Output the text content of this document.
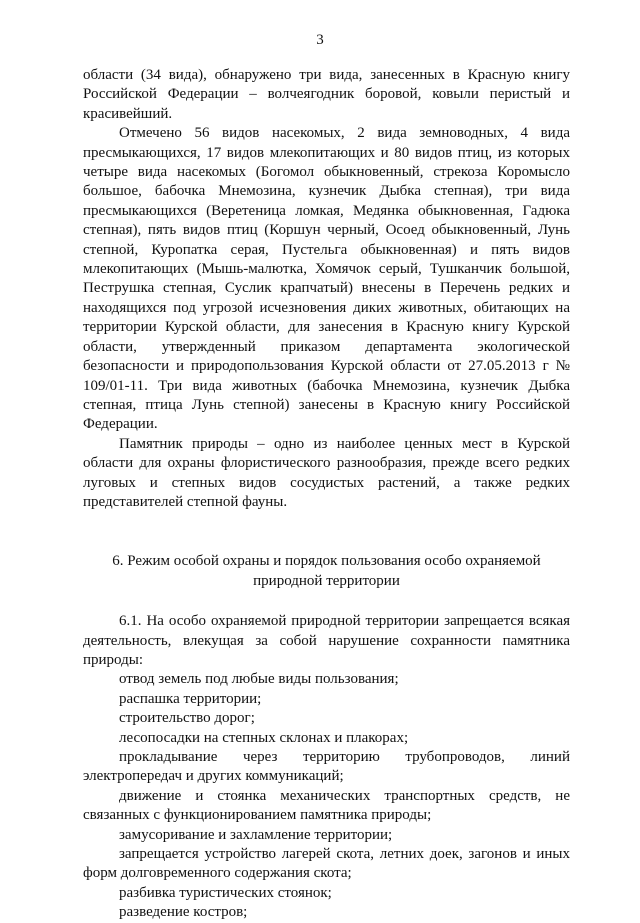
3

области (34 вида), обнаружено три вида, занесенных в Красную книгу Российской Федерации – волчеягодник боровой, ковыли перистый и красивейший.

Отмечено 56 видов насекомых, 2 вида земноводных, 4 вида пресмыкающихся, 17 видов млекопитающих и 80 видов птиц, из которых четыре вида насекомых (Богомол обыкновенный, стрекоза Коромысло большое, бабочка Мнемозина, кузнечик Дыбка степная), три вида пресмыкающихся (Веретеница ломкая, Медянка обыкновенная, Гадюка степная), пять видов птиц (Коршун черный, Осоед обыкновенный, Лунь степной, Куропатка серая, Пустельга обыкновенная) и пять видов млекопитающих (Мышь-малютка, Хомячок серый, Тушканчик большой, Пеструшка степная, Суслик крапчатый) внесены в Перечень редких и находящихся под угрозой исчезновения диких животных, обитающих на территории Курской области, для занесения в Красную книгу Курской области, утвержденный приказом департамента экологической безопасности и природопользования Курской области от 27.05.2013 г № 109/01-11. Три вида животных (бабочка Мнемозина, кузнечик Дыбка степная, птица Лунь степной) занесены в Красную книгу Российской Федерации.

Памятник природы – одно из наиболее ценных мест в Курской области для охраны флористического разнообразия, прежде всего редких луговых и степных видов сосудистых растений, а также редких представителей степной фауны.

6. Режим особой охраны и порядок пользования особо охраняемой природной территории

6.1. На особо охраняемой природной территории запрещается всякая деятельность, влекущая за собой нарушение сохранности памятника природы:

отвод земель под любые виды пользования;

распашка территории;

строительство дорог;

лесопосадки на степных склонах и плакорах;

прокладывание через территорию трубопроводов, линий электропередач и других коммуникаций;

движение и стоянка механических транспортных средств, не связанных с функционированием памятника природы;

замусоривание и захламление территории;

запрещается устройство лагерей скота, летних доек, загонов и иных форм долговременного содержания скота;

разбивка туристических стоянок;

разведение костров;
